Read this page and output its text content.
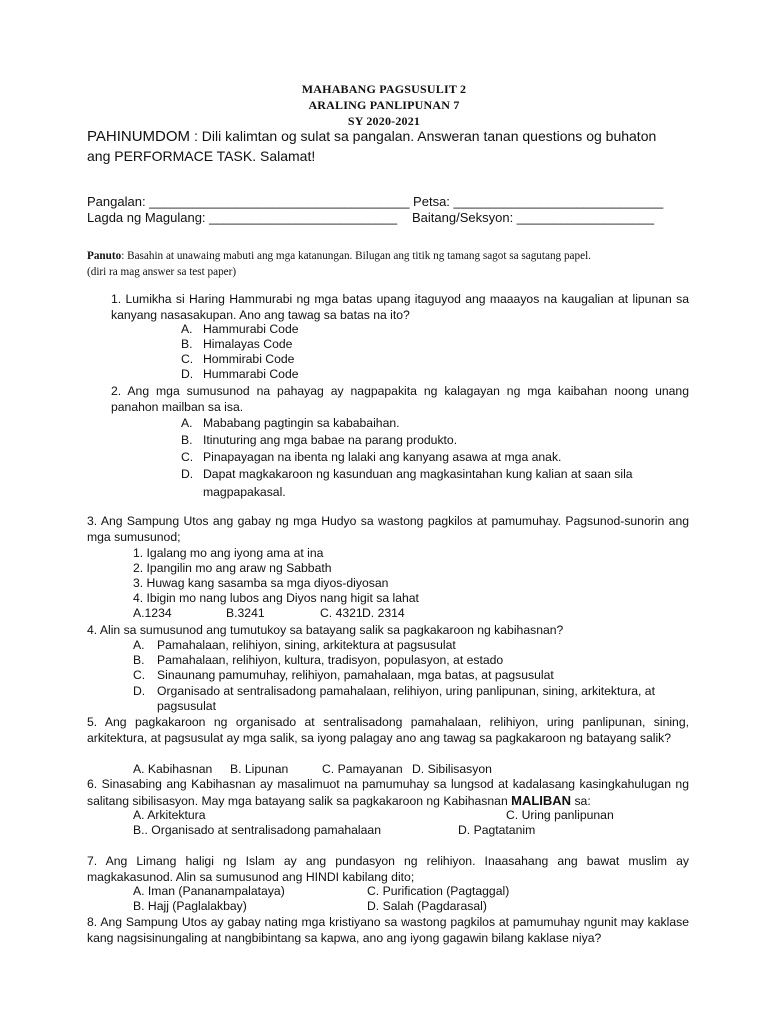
MAHABANG PAGSUSULIT 2
ARALING PANLIPUNAN 7
SY 2020-2021
PAHINUMDOM : Dili kalimtan og sulat sa pangalan. Answeran tanan questions og buhaton
ang PERFORMACE TASK. Salamat!
Pangalan: ____________________________________ Petsa: _____________________________
Lagda ng Magulang: __________________________ Baitang/Seksyon: ___________________
Panuto: Basahin at unawaing mabuti ang mga katanungan. Bilugan ang titik ng tamang sagot sa sagutang papel.
(diri ra mag answer sa test paper)
1. Lumikha si Haring Hammurabi ng mga batas upang itaguyod ang maaayos na kaugalian at lipunan sa kanyang nasasakupan. Ano ang tawag sa batas na ito?
A. Hammurabi Code
B. Himalayas Code
C. Hommirabi Code
D. Hummarabi Code
2. Ang mga sumusunod na pahayag ay nagpapakita ng kalagayan ng mga kaibahan noong unang panahon mailban sa isa.
A. Mababang pagtingin sa kababaihan.
B. Itinuturing ang mga babae na parang produkto.
C. Pinapayagan na ibenta ng lalaki ang kanyang asawa at mga anak.
D. Dapat magkakaroon ng kasunduan ang magkasintahan kung kalian at saan sila
magpapakasal.
3. Ang Sampung Utos ang gabay ng mga Hudyo sa wastong pagkilos at pamumuhay. Pagsunod-sunorin ang mga sumusunod;
1. Igalang mo ang iyong ama at ina
2. Ipangilin mo ang araw ng Sabbath
3. Huwag kang sasamba sa mga diyos-diyosan
4. Ibigin mo nang lubos ang Diyos nang higit sa lahat
A.1234	B.3241	C. 4321 D. 2314
4. Alin sa sumusunod ang tumutukoy sa batayang salik sa pagkakaroon ng kabihasnan?
A. Pamahalaan, relihiyon, sining, arkitektura at pagsusulat
B. Pamahalaan, relihiyon, kultura, tradisyon, populasyon, at estado
C. Sinaunang pamumuhay, relihiyon, pamahalaan, mga batas, at pagsusulat
D. Organisado at sentralisadong pamahalaan, relihiyon, uring panlipunan, sining, arkitektura, at
pagsusulat
5. Ang pagkakaroon ng organisado at sentralisadong pamahalaan, relihiyon, uring panlipunan, sining, arkitektura, at pagsusulat ay mga salik, sa iyong palagay ano ang tawag sa pagkakaroon ng batayang salik?
A. Kabihasnan B. Lipunan	C. Pamayanan D. Sibilisasyon
6. Sinasabing ang Kabihasnan ay masalimuot na pamumuhay sa lungsod at kadalasang kasingkahulugan ng salitang sibilisasyon. May mga batayang salik sa pagkakaroon ng Kabihasnan MALIBAN sa:
A. Arkitektura	C. Uring panlipunan
B.. Organisado at sentralisadong pamahalaan	D. Pagtatanim
7. Ang Limang haligi ng Islam ay ang pundasyon ng relihiyon. Inaasahang ang bawat muslim ay magkakasunod. Alin sa sumusunod ang HINDI kabilang dito;
A. Iman (Pananampalataya)	C. Purification (Pagtaggal)
B. Hajj (Paglalakbay)	D. Salah (Pagdarasal)
8. Ang Sampung Utos ay gabay nating mga kristiyano sa wastong pagkilos at pamumuhay ngunit may kaklase kang nagsisinungaling at nangbibintang sa kapwa, ano ang iyong gagawin bilang kaklase niya?
